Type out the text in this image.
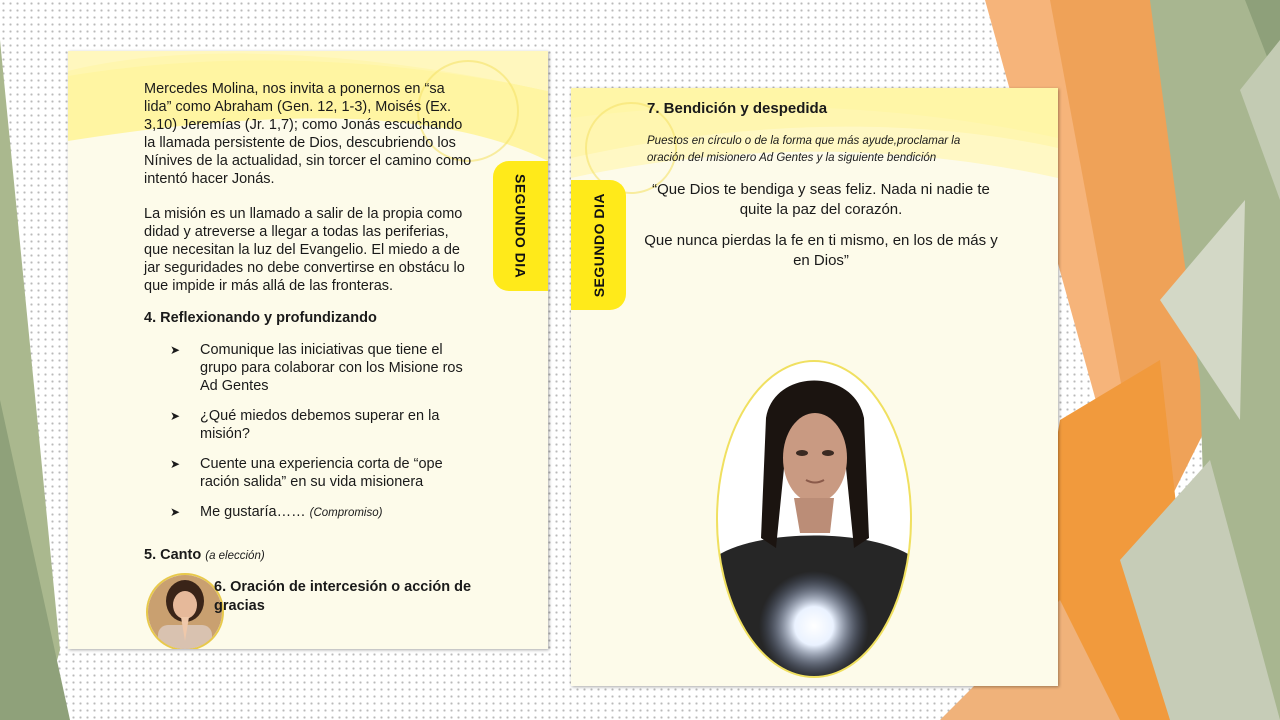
SEGUNDO DIA
Mercedes Molina, nos invita a ponernos en “sa lida” como Abraham (Gen. 12, 1-3), Moisés (Ex. 3,10) Jeremías (Jr. 1,7); como Jonás escuchando la llamada persistente de Dios, descubriendo los Nínives de la actualidad, sin torcer el camino como intentó hacer Jonás.
La misión es un llamado a salir de la propia como didad y atreverse a llegar a todas las periferias, que necesitan la luz del Evangelio. El miedo a de jar seguridades no debe convertirse en obstácu lo que impide ir más allá de las fronteras.
4. Reflexionando y profundizando
➤ Comunique las iniciativas que tiene el grupo para colaborar con los Misione ros Ad Gentes
➤ ¿Qué miedos debemos superar en la misión?
➤ Cuente una experiencia corta de “ope ración salida” en su vida misionera
➤ Me gustaría…… (Compromiso)
5. Canto (a elección)
6. Oración de intercesión o acción de gracias
SEGUNDO DIA
7. Bendición y despedida
Puestos en círculo o de la forma que más ayude,proclamar la oración del misionero Ad Gentes y la siguiente bendición
“Que Dios te bendiga y seas feliz. Nada ni nadie te quite la paz del corazón.
Que nunca pierdas la fe en ti mismo, en los de más y en Dios”
